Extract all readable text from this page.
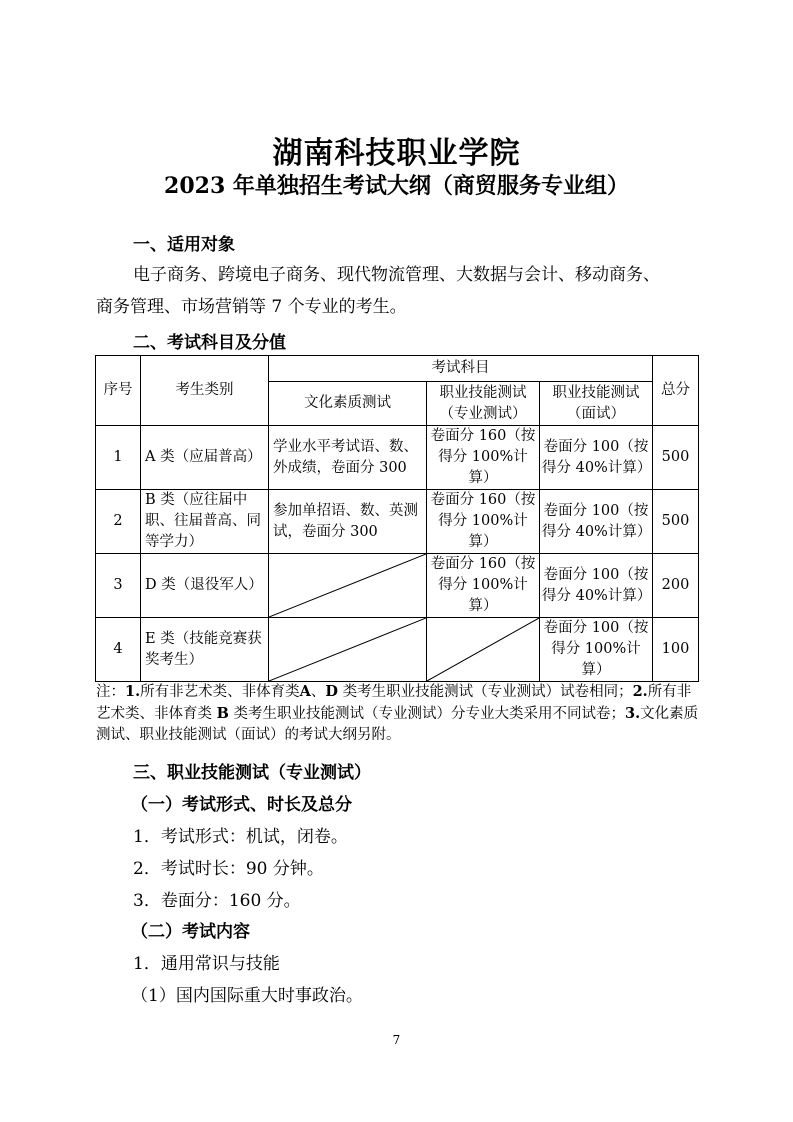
湖南科技职业学院
2023 年单独招生考试大纲（商贸服务专业组）
一、适用对象
电子商务、跨境电子商务、现代物流管理、大数据与会计、移动商务、
商务管理、市场营销等 7 个专业的考生。
二、考试科目及分值
序号	考生类别	考试科目			总分
		文化素质测试	职业技能测试（专业测试）	职业技能测试（面试）	
1	A 类（应届普高）	学业水平考试语、数、外成绩，卷面分 300	卷面分 160（按得分 100%计算）	卷面分 100（按得分 40%计算）	500
2	B 类（应往届中职、往届普高、同等学力）	参加单招语、数、英测试，卷面分 300	卷面分 160（按得分 100%计算）	卷面分 100（按得分 40%计算）	500
3	D 类（退役军人）		卷面分 160（按得分 100%计算）	卷面分 100（按得分 40%计算）	200
4	E 类（技能竞赛获奖考生）			卷面分 100（按得分 100%计算）	100
注：1.所有非艺术类、非体育类A、D 类考生职业技能测试（专业测试）试卷相同；2.所有非艺术类、非体育类 B 类考生职业技能测试（专业测试）分专业大类采用不同试卷；3.文化素质测试、职业技能测试（面试）的考试大纲另附。
三、职业技能测试（专业测试）
（一）考试形式、时长及总分
1．考试形式：机试，闭卷。
2．考试时长：90 分钟。
3．卷面分：160 分。
（二）考试内容
1．通用常识与技能
（1）国内国际重大时事政治。
7
